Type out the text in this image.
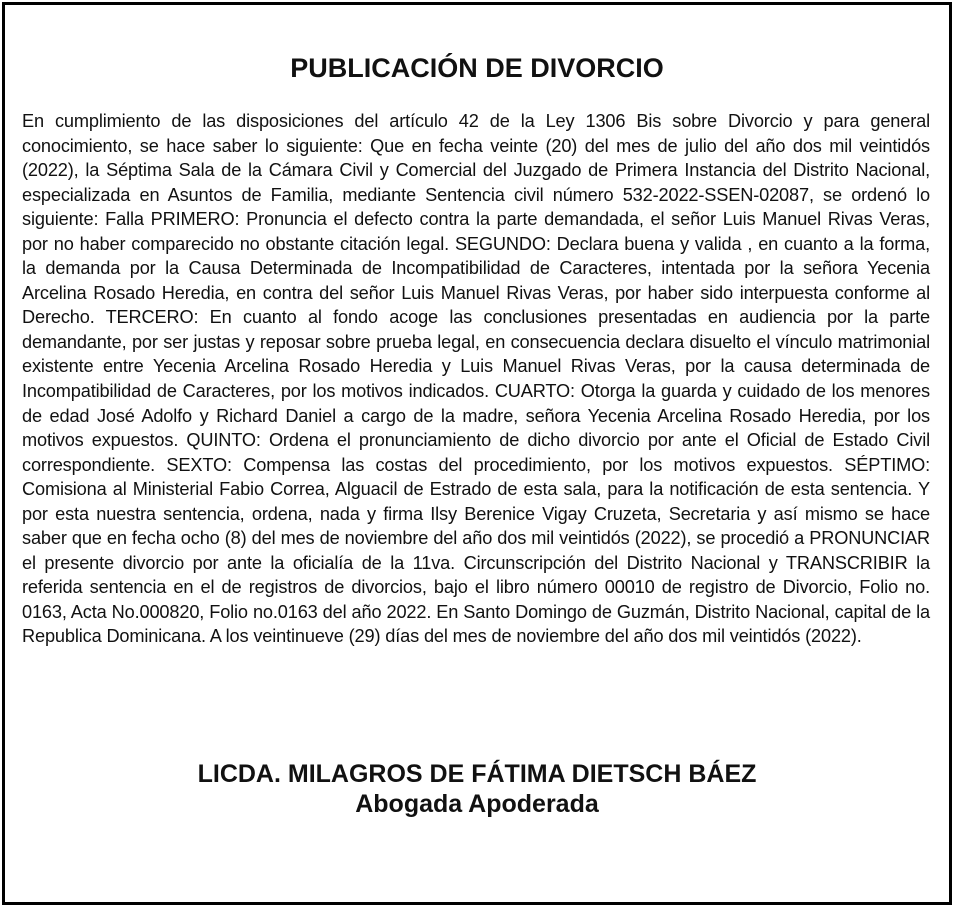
PUBLICACIÓN DE DIVORCIO

En cumplimiento de las disposiciones del artículo 42 de la Ley 1306 Bis sobre Divorcio y para general conocimiento, se hace saber lo siguiente: Que en fecha veinte (20) del mes de julio del año dos mil veintidós (2022), la Séptima Sala de la Cámara Civil y Comercial del Juzgado de Primera Instancia del Distrito Nacional, especializada en Asuntos de Familia, mediante Sentencia civil número 532-2022-SSEN-02087, se ordenó lo siguiente: Falla PRIMERO: Pronuncia el defecto contra la parte demandada, el señor Luis Manuel Rivas Veras, por no haber comparecido no obstante citación legal. SEGUNDO: Declara buena y valida , en cuanto a la forma, la demanda por la Causa Determinada de Incompatibilidad de Caracteres, intentada por la señora Yecenia Arcelina Rosado Heredia, en contra del señor Luis Manuel Rivas Veras, por haber sido interpuesta conforme al Derecho. TERCERO: En cuanto al fondo acoge las conclusiones presentadas en audiencia por la parte demandante, por ser justas y reposar sobre prueba legal, en consecuencia declara disuelto el vínculo matrimonial existente entre Yecenia Arcelina Rosado Heredia y Luis Manuel Rivas Veras, por la causa determinada de Incompatibilidad de Caracteres, por los motivos indicados. CUARTO: Otorga la guarda y cuidado de los menores de edad José Adolfo y Richard Daniel a cargo de la madre, señora Yecenia Arcelina Rosado Heredia, por los motivos expuestos. QUINTO: Ordena el pronunciamiento de dicho divorcio por ante el Oficial de Estado Civil correspondiente. SEXTO: Compensa las costas del procedimiento, por los motivos expuestos. SÉPTIMO: Comisiona al Ministerial Fabio Correa, Alguacil de Estrado de esta sala, para la notificación de esta sentencia. Y por esta nuestra sentencia, ordena, nada y firma Ilsy Berenice Vigay Cruzeta, Secretaria y así mismo se hace saber que en fecha ocho (8) del mes de noviembre del año dos mil veintidós (2022), se procedió a PRONUNCIAR el presente divorcio por ante la oficialía de la 11va. Circunscripción del Distrito Nacional y TRANSCRIBIR la referida sentencia en el de registros de divorcios, bajo el libro número 00010 de registro de Divorcio, Folio no. 0163, Acta No.000820, Folio no.0163 del año 2022. En Santo Domingo de Guzmán, Distrito Nacional, capital de la Republica Dominicana. A los veintinueve (29) días del mes de noviembre del año dos mil veintidós (2022).

LICDA. MILAGROS DE FÁTIMA DIETSCH BÁEZ
Abogada Apoderada
